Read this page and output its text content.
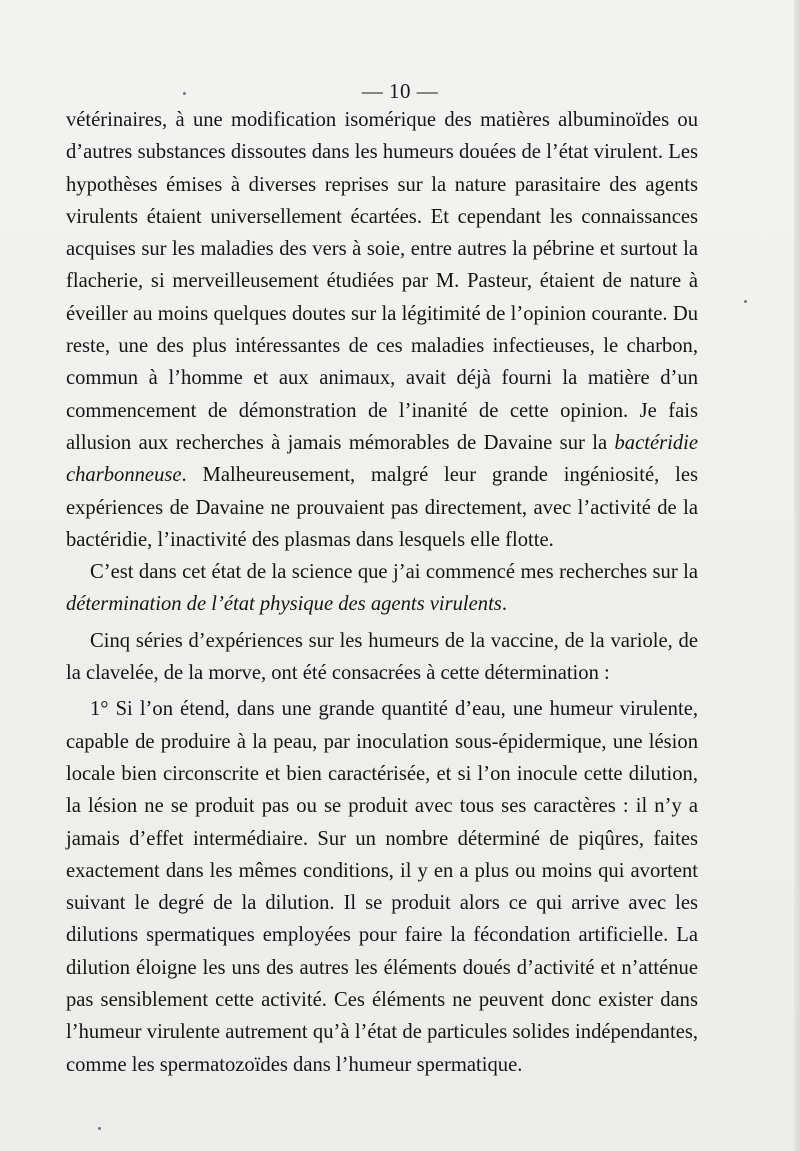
— 10 —

vétérinaires, à une modification isomérique des matières albuminoïdes ou d’autres substances dissoutes dans les humeurs douées de l’état virulent. Les hypothèses émises à diverses reprises sur la nature parasitaire des agents virulents étaient universellement écartées. Et cependant les connaissances acquises sur les maladies des vers à soie, entre autres la pébrine et surtout la flacherie, si merveilleusement étudiées par M. Pasteur, étaient de nature à éveiller au moins quelques doutes sur la légitimité de l’opinion courante. Du reste, une des plus intéressantes de ces maladies infectieuses, le charbon, commun à l’homme et aux animaux, avait déjà fourni la matière d’un commencement de démonstration de l’inanité de cette opinion. Je fais allusion aux recherches à jamais mémorables de Davaine sur la bactéridie charbonneuse. Malheureusement, malgré leur grande ingéniosité, les expériences de Davaine ne prouvaient pas directement, avec l’activité de la bactéridie, l’inactivité des plasmas dans lesquels elle flotte.

C’est dans cet état de la science que j’ai commencé mes recherches sur la détermination de l’état physique des agents virulents.

Cinq séries d’expériences sur les humeurs de la vaccine, de la variole, de la clavelée, de la morve, ont été consacrées à cette détermination :

1° Si l’on étend, dans une grande quantité d’eau, une humeur virulente, capable de produire à la peau, par inoculation sous-épidermique, une lésion locale bien circonscrite et bien caractérisée, et si l’on inocule cette dilution, la lésion ne se produit pas ou se produit avec tous ses caractères : il n’y a jamais d’effet intermédiaire. Sur un nombre déterminé de piqûres, faites exactement dans les mêmes conditions, il y en a plus ou moins qui avortent suivant le degré de la dilution. Il se produit alors ce qui arrive avec les dilutions spermatiques employées pour faire la fécondation artificielle. La dilution éloigne les uns des autres les éléments doués d’activité et n’atténue pas sensiblement cette activité. Ces éléments ne peuvent donc exister dans l’humeur virulente autrement qu’à l’état de particules solides indépendantes, comme les spermatozoïdes dans l’humeur spermatique.
